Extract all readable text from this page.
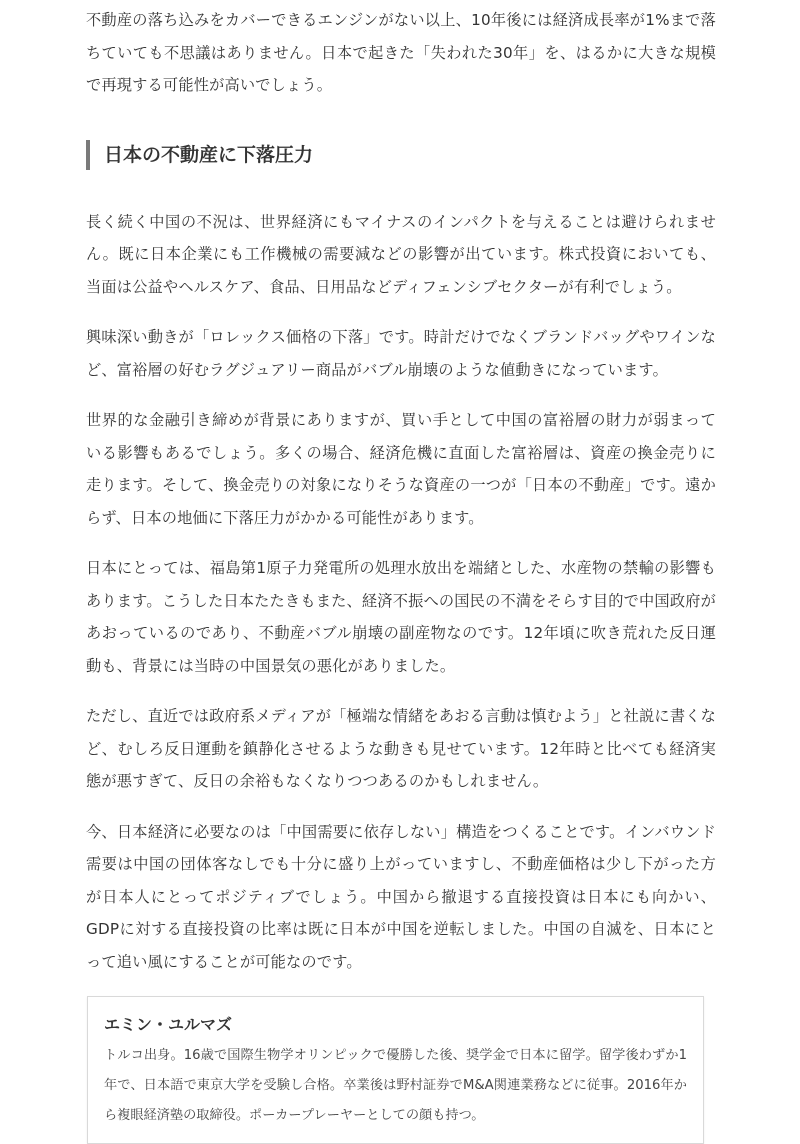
不動産の落ち込みをカバーできるエンジンがない以上、10年後には経済成長率が1%まで落ちていても不思議はありません。日本で起きた「失われた30年」を、はるかに大きな規模で再現する可能性が高いでしょう。

日本の不動産に下落圧力

長く続く中国の不況は、世界経済にもマイナスのインパクトを与えることは避けられません。既に日本企業にも工作機械の需要減などの影響が出ています。株式投資においても、当面は公益やヘルスケア、食品、日用品などディフェンシブセクターが有利でしょう。

興味深い動きが「ロレックス価格の下落」です。時計だけでなくブランドバッグやワインなど、富裕層の好むラグジュアリー商品がバブル崩壊のような値動きになっています。

世界的な金融引き締めが背景にありますが、買い手として中国の富裕層の財力が弱まっている影響もあるでしょう。多くの場合、経済危機に直面した富裕層は、資産の換金売りに走ります。そして、換金売りの対象になりそうな資産の一つが「日本の不動産」です。遠からず、日本の地価に下落圧力がかかる可能性があります。

日本にとっては、福島第1原子力発電所の処理水放出を端緒とした、水産物の禁輸の影響もあります。こうした日本たたきもまた、経済不振への国民の不満をそらす目的で中国政府があおっているのであり、不動産バブル崩壊の副産物なのです。12年頃に吹き荒れた反日運動も、背景には当時の中国景気の悪化がありました。

ただし、直近では政府系メディアが「極端な情緒をあおる言動は慎むよう」と社説に書くなど、むしろ反日運動を鎮静化させるような動きも見せています。12年時と比べても経済実態が悪すぎて、反日の余裕もなくなりつつあるのかもしれません。

今、日本経済に必要なのは「中国需要に依存しない」構造をつくることです。インバウンド需要は中国の団体客なしでも十分に盛り上がっていますし、不動産価格は少し下がった方が日本人にとってポジティブでしょう。中国から撤退する直接投資は日本にも向かい、GDPに対する直接投資の比率は既に日本が中国を逆転しました。中国の自滅を、日本にとって追い風にすることが可能なのです。

エミン・ユルマズ

トルコ出身。16歳で国際生物学オリンピックで優勝した後、奨学金で日本に留学。留学後わずか1年で、日本語で東京大学を受験し合格。卒業後は野村証券でM&A関連業務などに従事。2016年から複眼経済塾の取締役。ポーカープレーヤーとしての顔も持つ。
